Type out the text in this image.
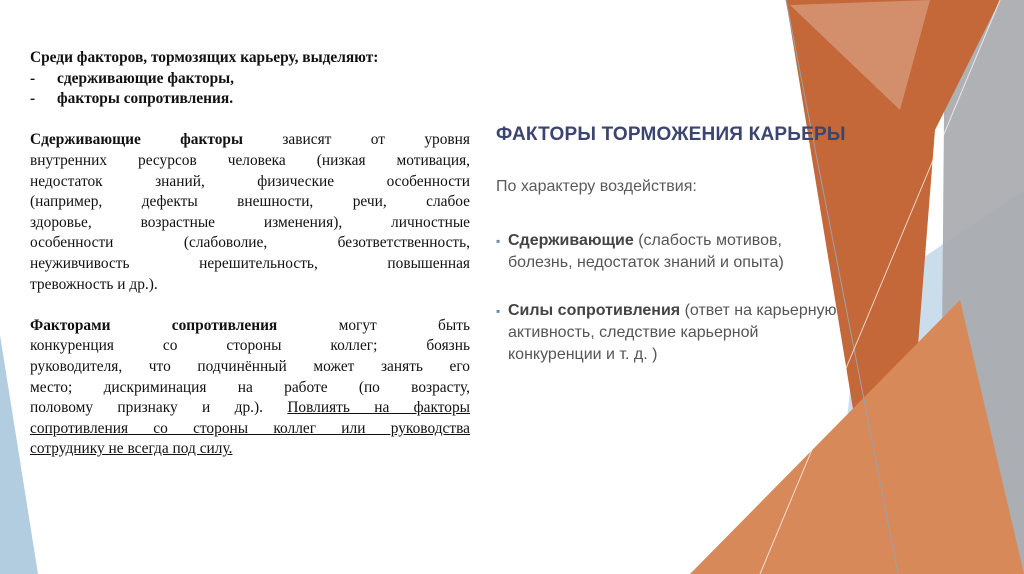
Среди факторов, тормозящих карьеру, выделяют:

-	сдерживающие факторы,
-	факторы сопротивления.

Сдерживающие факторы	зависят от уровня

внутренних ресурсов человека (низкая мотивация,

недостаток знаний, физические особенности

(например, дефекты внешности, речи, слабое

здоровье, возрастные изменения), личностные

особенности (слабоволие, безответственность,

неуживчивость нерешительность, повышенная

тревожность и др.).

Факторами сопротивления	могут быть

конкуренция со стороны коллег; боязнь

руководителя, что подчинённый может занять его

место; дискриминация на работе (по возрасту,

половому признаку и др.). Повлиять на факторы

сопротивления со стороны коллег или руководства

сотруднику не всегда под силу.

ФАКТОРЫ ТОРМОЖЕНИЯ КАРЬЕРЫ

По характеру воздействия:

▪ Сдерживающие (слабость мотивов,
болезнь, недостаток знаний и опыта)
▪ Силы сопротивления (ответ на карьерную
активность, следствие карьерной
конкуренции и т. д. )
